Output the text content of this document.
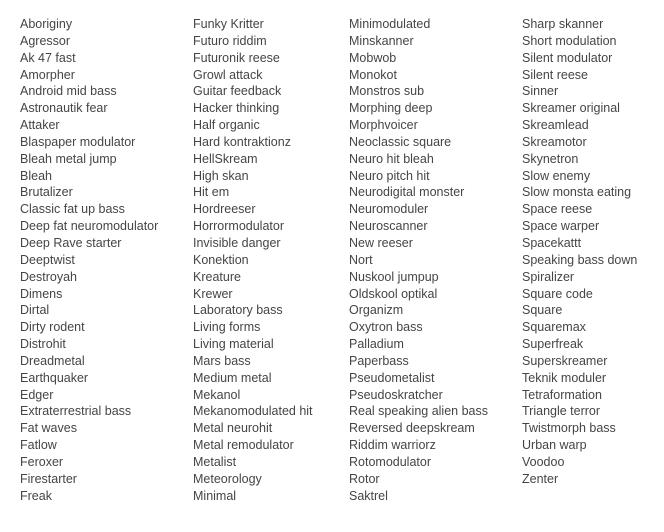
Aboriginy
Agressor
Ak 47 fast
Amorpher
Android mid bass
Astronautik fear
Attaker
Blaspaper modulator
Bleah metal jump
Bleah
Brutalizer
Classic fat up bass
Deep fat neuromodulator
Deep Rave starter
Deeptwist
Destroyah
Dimens
Dirtal
Dirty rodent
Distrohit
Dreadmetal
Earthquaker
Edger
Extraterrestrial bass
Fat waves
Fatlow
Feroxer
Firestarter
Freak
Funky Kritter
Futuro riddim
Futuronik reese
Growl attack
Guitar feedback
Hacker thinking
Half organic
Hard kontraktionz
HellSkream
High skan
Hit em
Hordreeser
Horrormodulator
Invisible danger
Konektion
Kreature
Krewer
Laboratory bass
Living forms
Living material
Mars bass
Medium metal
Mekanol
Mekanomodulated hit
Metal neurohit
Metal remodulator
Metalist
Meteorology
Minimal
Minimodulated
Minskanner
Mobwob
Monokot
Monstros sub
Morphing deep
Morphvoicer
Neoclassic square
Neuro hit bleah
Neuro pitch hit
Neurodigital monster
Neuromoduler
Neuroscanner
New reeser
Nort
Nuskool jumpup
Oldskool optikal
Organizm
Oxytron bass
Palladium
Paperbass
Pseudometalist
Pseudoskratcher
Real speaking alien bass
Reversed deepskream
Riddim warriorz
Rotomodulator
Rotor
Saktrel
Sharp skanner
Short modulation
Silent modulator
Silent reese
Sinner
Skreamer original
Skreamlead
Skreamotor
Skynetron
Slow enemy
Slow monsta eating
Space reese
Space warper
Spacekattt
Speaking bass down
Spiralizer
Square code
Square
Squaremax
Superfreak
Superskreamer
Teknik moduler
Tetraformation
Triangle terror
Twistmorph bass
Urban warp
Voodoo
Zenter
